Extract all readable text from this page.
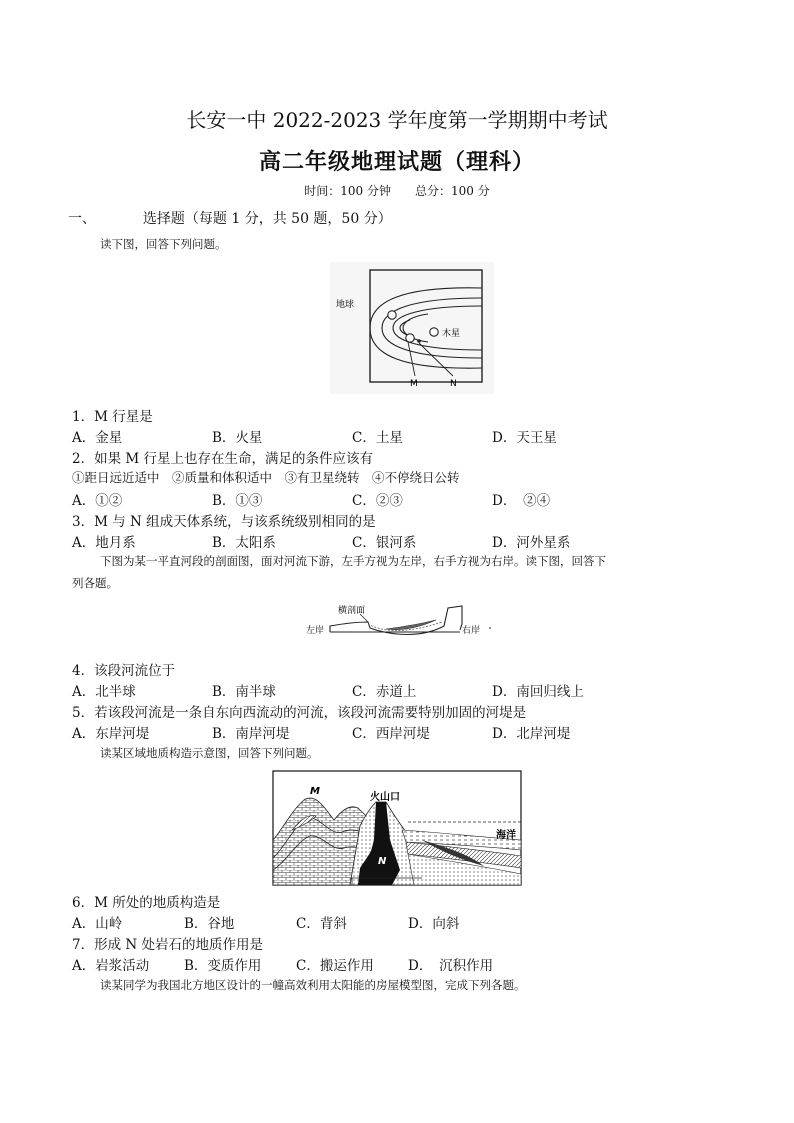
长安一中 2022-2023 学年度第一学期期中考试
高二年级地理试题（理科）
时间：100 分钟　　总分：100 分
一、	选择题（每题 1 分，共 50 题，50 分）
读下图，回答下列问题。
地球
木星
M	N
1．M 行星是
A．金星	B．火星	C．土星	D．天王星
2．如果 M 行星上也存在生命，满足的条件应该有
①距日远近适中　②质量和体积适中　③有卫星绕转　④不停绕日公转
A．①②	B．①③	C．②③	D．　②④
3．M 与 N 组成天体系统，与该系统级别相同的是
A．地月系	B．太阳系	C．银河系	D．河外星系
下图为某一平直河段的剖面图，面对河流下游，左手方视为左岸，右手方视为右岸。读下图，回答下
列各题。
横剖面
左岸	右岸
4．该段河流位于
A．北半球	B．南半球	C．赤道上	D．南回归线上
5．若该段河流是一条自东向西流动的河流，该段河流需要特别加固的河堤是
A．东岸河堤	B．南岸河堤	C．西岸河堤	D．北岸河堤
读某区域地质构造示意图，回答下列问题。
M
火山口
海洋
N
6．M 所处的地质构造是
A．山岭	B．谷地	C．背斜	D．向斜
7．形成 N 处岩石的地质作用是
A．岩浆活动	B．变质作用	C．搬运作用	D．　沉积作用
读某同学为我国北方地区设计的一幢高效利用太阳能的房屋模型图，完成下列各题。
